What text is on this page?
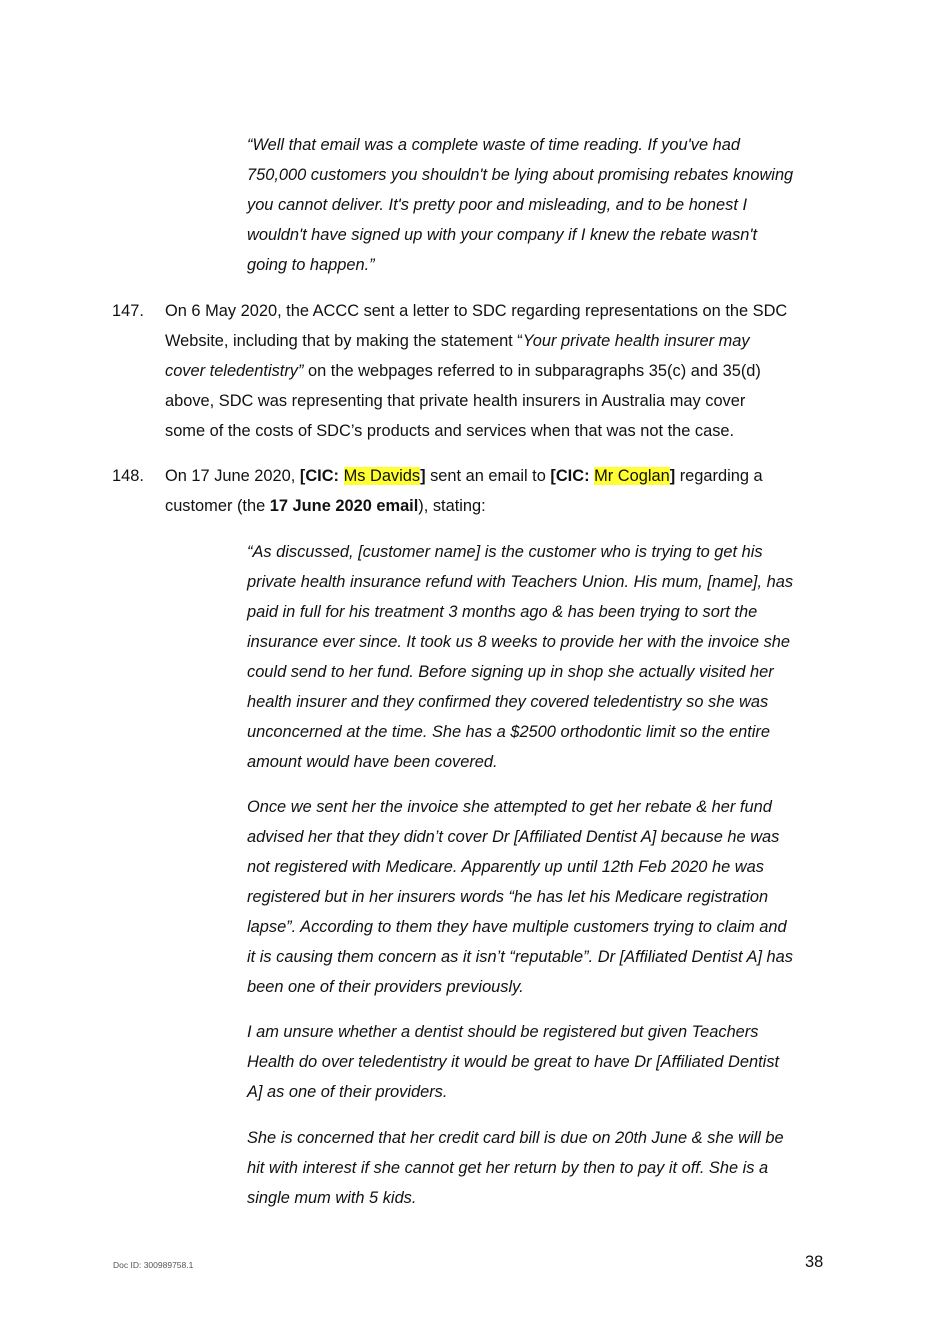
“Well that email was a complete waste of time reading. If you've had
750,000 customers you shouldn't be lying about promising rebates knowing
you cannot deliver. It's pretty poor and misleading, and to be honest I
wouldn't have signed up with your company if I knew the rebate wasn't
going to happen.”
147. On 6 May 2020, the ACCC sent a letter to SDC regarding representations on the SDC
Website, including that by making the statement “Your private health insurer may
cover teledentistry” on the webpages referred to in subparagraphs 35(c) and 35(d)
above, SDC was representing that private health insurers in Australia may cover
some of the costs of SDC’s products and services when that was not the case.
148. On 17 June 2020, [CIC: Ms Davids] sent an email to [CIC: Mr Coglan] regarding a
customer (the 17 June 2020 email), stating:
“As discussed, [customer name] is the customer who is trying to get his
private health insurance refund with Teachers Union. His mum, [name], has
paid in full for his treatment 3 months ago & has been trying to sort the
insurance ever since. It took us 8 weeks to provide her with the invoice she
could send to her fund. Before signing up in shop she actually visited her
health insurer and they confirmed they covered teledentistry so she was
unconcerned at the time. She has a $2500 orthodontic limit so the entire
amount would have been covered.
Once we sent her the invoice she attempted to get her rebate & her fund
advised her that they didn’t cover Dr [Affiliated Dentist A] because he was
not registered with Medicare. Apparently up until 12th Feb 2020 he was
registered but in her insurers words “he has let his Medicare registration
lapse”. According to them they have multiple customers trying to claim and
it is causing them concern as it isn’t “reputable”. Dr [Affiliated Dentist A] has
been one of their providers previously.
I am unsure whether a dentist should be registered but given Teachers
Health do over teledentistry it would be great to have Dr [Affiliated Dentist
A] as one of their providers.
She is concerned that her credit card bill is due on 20th June & she will be
hit with interest if she cannot get her return by then to pay it off. She is a
single mum with 5 kids.
Doc ID: 300989758.1	38
